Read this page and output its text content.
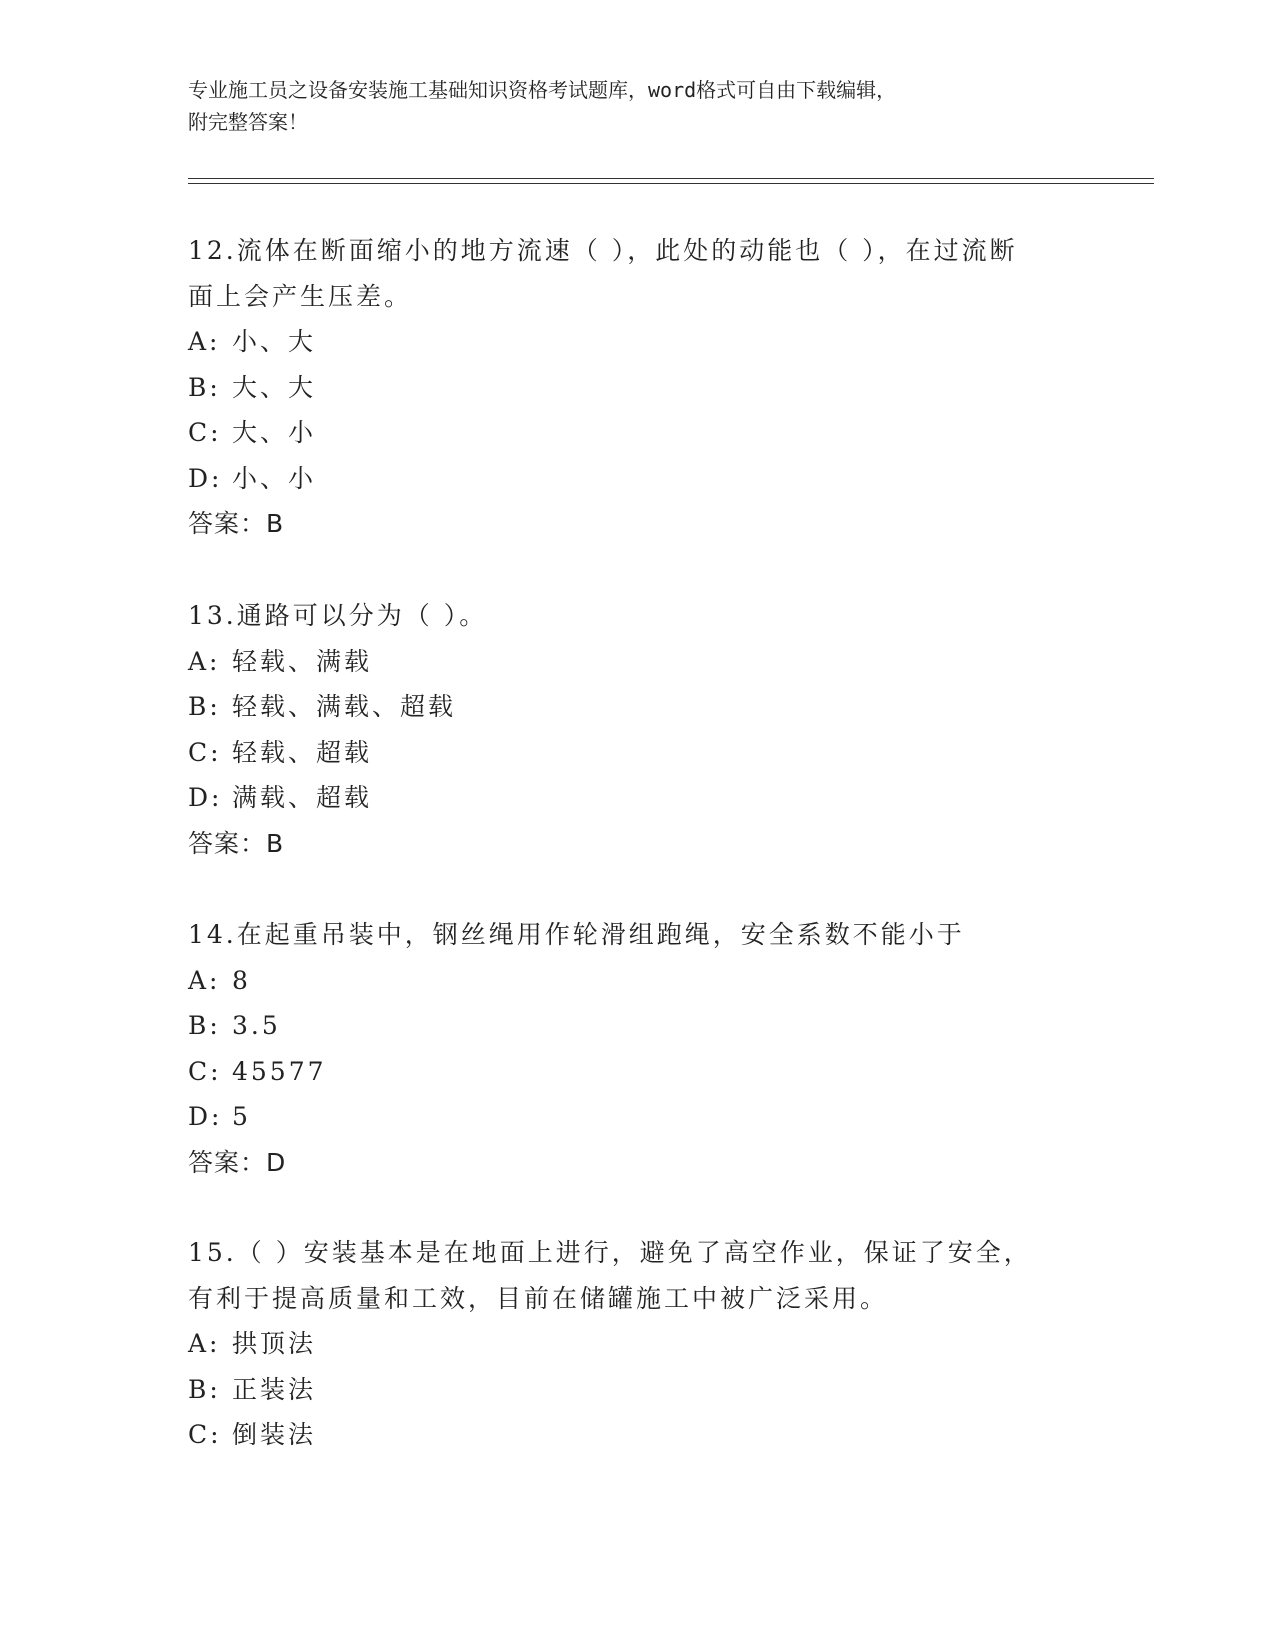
专业施工员之设备安装施工基础知识资格考试题库，word格式可自由下载编辑，

附完整答案！

12.流体在断面缩小的地方流速（ ），此处的动能也（ ），在过流断

面上会产生压差。

A: 小、大

B: 大、大

C: 大、小

D: 小、小

答案：B

13.通路可以分为（ ）。

A: 轻载、满载

B: 轻载、满载、超载

C: 轻载、超载

D: 满载、超载

答案：B

14.在起重吊装中，钢丝绳用作轮滑组跑绳，安全系数不能小于

A: 8

B: 3.5

C: 45577

D: 5

答案：D

15.（ ）安装基本是在地面上进行，避免了高空作业，保证了安全，

有利于提高质量和工效，目前在储罐施工中被广泛采用。

A: 拱顶法

B: 正装法

C: 倒装法
